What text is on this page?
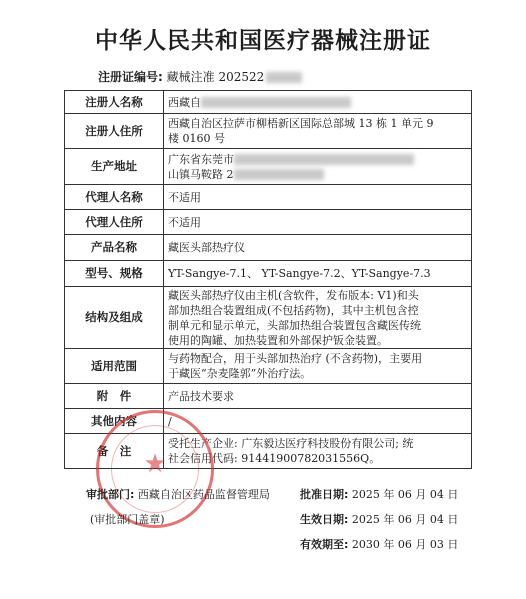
中华人民共和国医疗器械注册证
注册证编号: 藏械注准 202522
注册人名称	西藏自
注册人住所	西藏自治区拉萨市柳梧新区国际总部城 13 栋 1 单元 9
楼 0160 号

生产地址	广东省东莞市
山镇马鞍路 2

代理人名称	不适用
代理人住所	不适用
产品名称	藏医头部热疗仪
型号、规格	YT-Sangye-7.1、 YT-Sangye-7.2、YT-Sangye-7.3
结构及组成	藏医头部热疗仪由主机(含软件，发布版本: V1)和头
部加热组合装置组成(不包括药物)，其中主机包含控
制单元和显示单元，头部加热组合装置包含藏医传统
使用的陶罐、加热装置和外部保护钣金装置。

适用范围	与药物配合，用于头部加热治疗 (不含药物)，主要用
于藏医“杂麦隆郭”外治疗法。

附　件	产品技术要求
其他内容	/
备　注	受托生产企业: 广东毅达医疗科技股份有限公司; 统
社会信用代码: 91441900782031556Q。
★
审批部门: 西藏自治区药品监督管理局
(审批部门盖章)
批准日期: 2025 年 06 月 04 日
生效日期: 2025 年 06 月 04 日
有效期至: 2030 年 06 月 03 日
